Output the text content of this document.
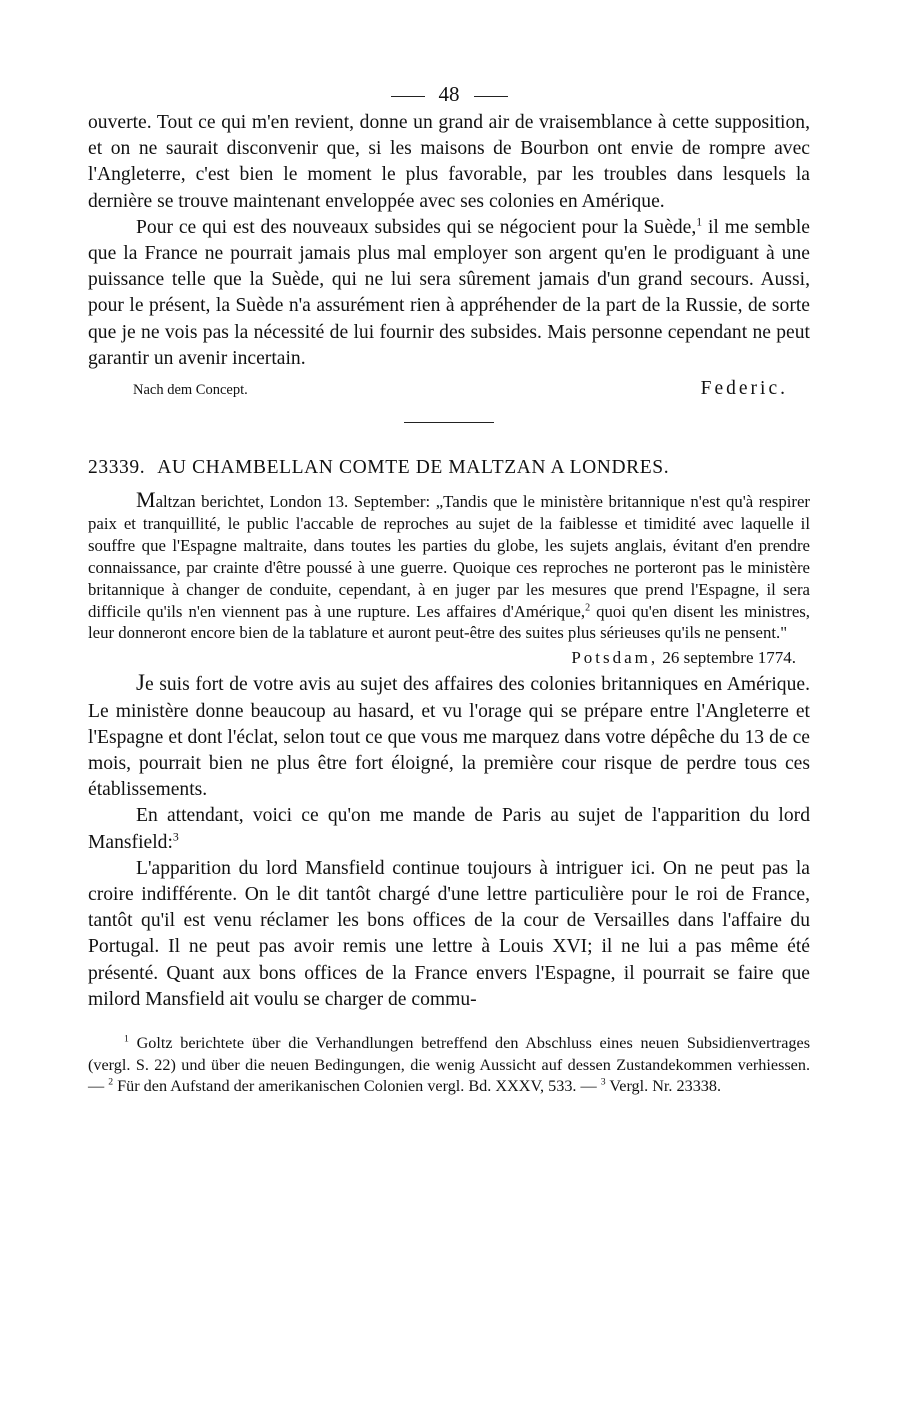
48

ouverte. Tout ce qui m'en revient, donne un grand air de vraisemblance à cette supposition, et on ne saurait disconvenir que, si les maisons de Bourbon ont envie de rompre avec l'Angleterre, c'est bien le moment le plus favorable, par les troubles dans lesquels la dernière se trouve maintenant enveloppée avec ses colonies en Amérique.

Pour ce qui est des nouveaux subsides qui se négocient pour la Suède,$^1$ il me semble que la France ne pourrait jamais plus mal employer son argent qu'en le prodiguant à une puissance telle que la Suède, qui ne lui sera sûrement jamais d'un grand secours. Aussi, pour le présent, la Suède n'a assurément rien à appréhender de la part de la Russie, de sorte que je ne vois pas la nécessité de lui fournir des subsides. Mais personne cependant ne peut garantir un avenir incertain.

Nach dem Concept.	Federic.
23339. AU CHAMBELLAN COMTE DE MALTZAN A LONDRES.

Maltzan berichtet, London 13. September: „Tandis que le ministère britannique n'est qu'à respirer paix et tranquillité, le public l'accable de reproches au sujet de la faiblesse et timidité avec laquelle il souffre que l'Espagne maltraite, dans toutes les parties du globe, les sujets anglais, évitant d'en prendre connaissance, par crainte d'être poussé à une guerre. Quoique ces reproches ne porteront pas le ministère britannique à changer de conduite, cependant, à en juger par les mesures que prend l'Espagne, il sera difficile qu'ils n'en viennent pas à une rupture. Les affaires d'Amérique,$^2$ quoi qu'en disent les ministres, leur donneront encore bien de la tablature et auront peut-être des suites plus sérieuses qu'ils ne pensent."

Potsdam, 26 septembre 1774.

Je suis fort de votre avis au sujet des affaires des colonies britanniques en Amérique. Le ministère donne beaucoup au hasard, et vu l'orage qui se prépare entre l'Angleterre et l'Espagne et dont l'éclat, selon tout ce que vous me marquez dans votre dépêche du 13 de ce mois, pourrait bien ne plus être fort éloigné, la première cour risque de perdre tous ces établissements.

En attendant, voici ce qu'on me mande de Paris au sujet de l'apparition du lord Mansfield:$^3$

L'apparition du lord Mansfield continue toujours à intriguer ici. On ne peut pas la croire indifférente. On le dit tantôt chargé d'une lettre particulière pour le roi de France, tantôt qu'il est venu réclamer les bons offices de la cour de Versailles dans l'affaire du Portugal. Il ne peut pas avoir remis une lettre à Louis XVI; il ne lui a pas même été présenté. Quant aux bons offices de la France envers l'Espagne, il pourrait se faire que milord Mansfield ait voulu se charger de commu-

$^1$ Goltz berichtete über die Verhandlungen betreffend den Abschluss eines neuen Subsidienvertrages (vergl. S. 22) und über die neuen Bedingungen, die wenig Aussicht auf dessen Zustandekommen verhiessen. — $^2$ Für den Aufstand der amerikanischen Colonien vergl. Bd. XXXV, 533. — $^3$ Vergl. Nr. 23338.
